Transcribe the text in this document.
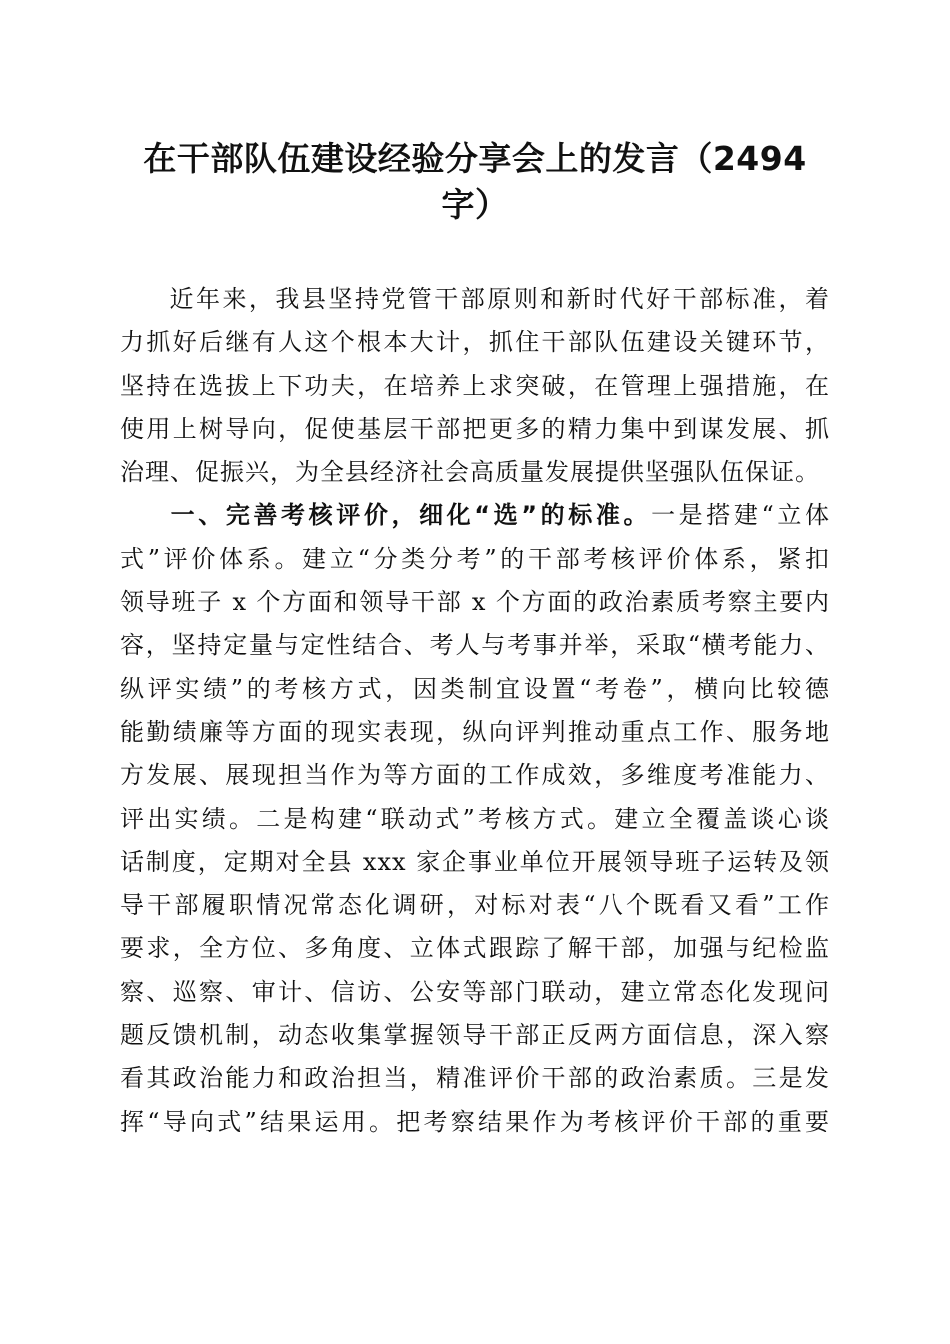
在干部队伍建设经验分享会上的发言（2494
字）
近年来，我县坚持党管干部原则和新时代好干部标准，着
力抓好后继有人这个根本大计，抓住干部队伍建设关键环节，
坚持在选拔上下功夫，在培养上求突破，在管理上强措施，在
使用上树导向，促使基层干部把更多的精力集中到谋发展、抓
治理、促振兴，为全县经济社会高质量发展提供坚强队伍保证。
一、完善考核评价，细化“选”的标准。一是搭建“立体
式”评价体系。建立“分类分考”的干部考核评价体系，紧扣
领导班子 x 个方面和领导干部 x 个方面的政治素质考察主要内
容，坚持定量与定性结合、考人与考事并举，采取“横考能力、
纵评实绩”的考核方式，因类制宜设置“考卷”，横向比较德
能勤绩廉等方面的现实表现，纵向评判推动重点工作、服务地
方发展、展现担当作为等方面的工作成效，多维度考准能力、
评出实绩。二是构建“联动式”考核方式。建立全覆盖谈心谈
话制度，定期对全县 xxx 家企事业单位开展领导班子运转及领
导干部履职情况常态化调研，对标对表“八个既看又看”工作
要求，全方位、多角度、立体式跟踪了解干部，加强与纪检监
察、巡察、审计、信访、公安等部门联动，建立常态化发现问
题反馈机制，动态收集掌握领导干部正反两方面信息，深入察
看其政治能力和政治担当，精准评价干部的政治素质。三是发
挥“导向式”结果运用。把考察结果作为考核评价干部的重要
